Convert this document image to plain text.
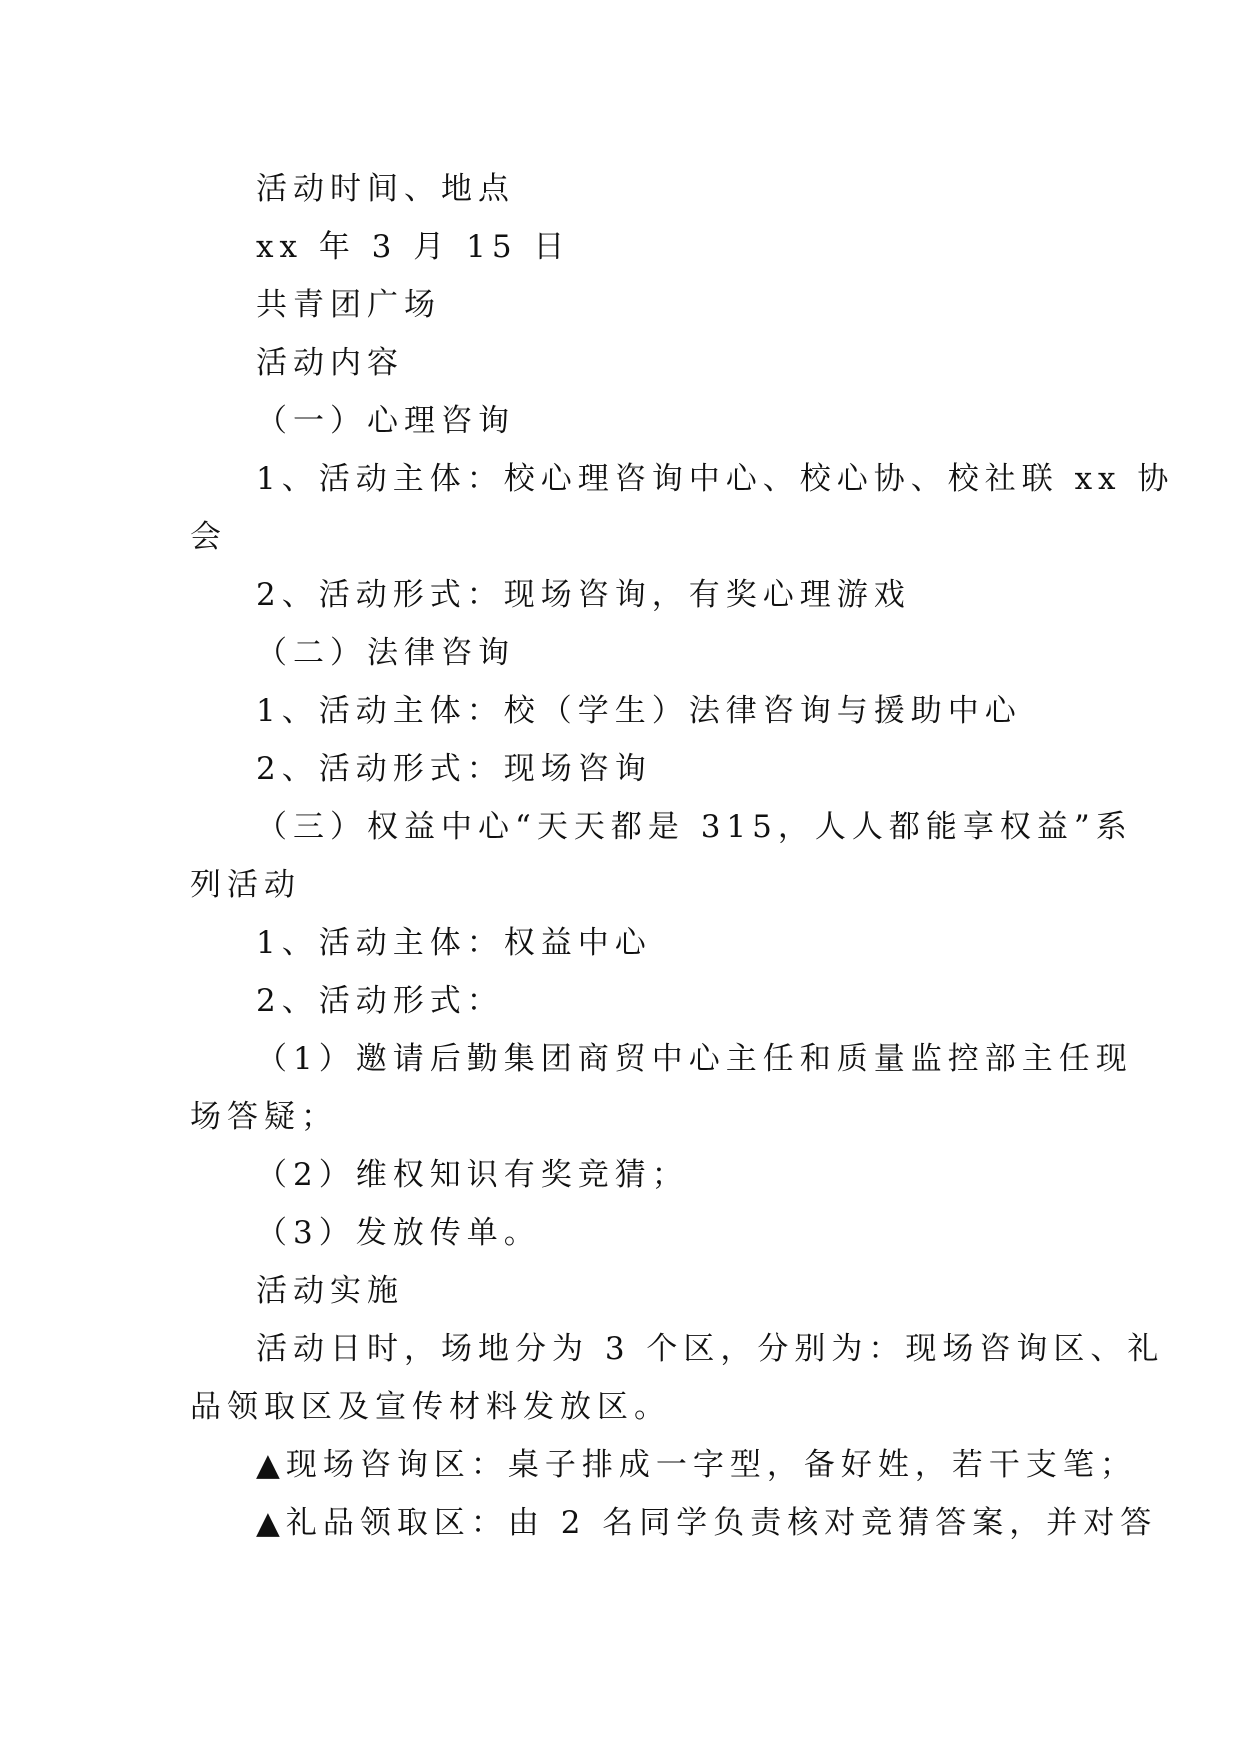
活动时间、地点
xx 年 3 月 15 日
共青团广场
活动内容
（一）心理咨询
1、活动主体：校心理咨询中心、校心协、校社联 xx 协
会
2、活动形式：现场咨询，有奖心理游戏
（二）法律咨询
1、活动主体：校（学生）法律咨询与援助中心
2、活动形式：现场咨询
（三）权益中心“天天都是 315，人人都能享权益”系
列活动
1、活动主体：权益中心
2、活动形式：
（1）邀请后勤集团商贸中心主任和质量监控部主任现
场答疑；
（2）维权知识有奖竞猜；
（3）发放传单。
活动实施
活动日时，场地分为 3 个区，分别为：现场咨询区、礼
品领取区及宣传材料发放区。
▲现场咨询区：桌子排成一字型，备好姓，若干支笔；
▲礼品领取区：由 2 名同学负责核对竞猜答案，并对答
